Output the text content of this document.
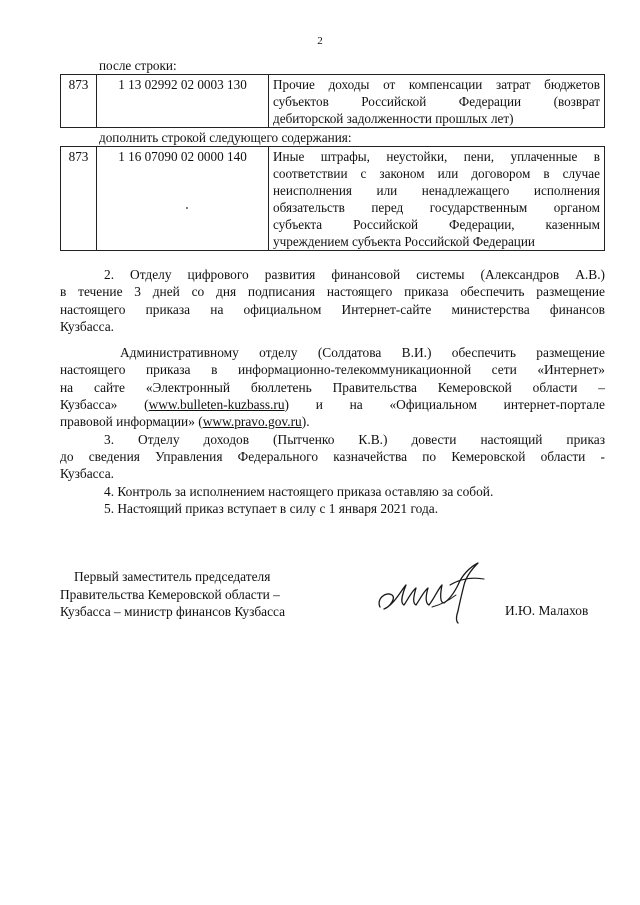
2
после строки:
873	1 13 02992 02 0003 130	Прочие доходы от компенсации затрат бюджетов
субъектов Российской Федерации (возврат
дебиторской задолженности прошлых лет)
дополнить строкой следующего содержания:
873	1 16 07090 02 0000 140	Иные штрафы, неустойки, пени, уплаченные в
соответствии с законом или договором в случае
неисполнения или ненадлежащего исполнения
обязательств перед государственным органом
субъекта Российской Федерации, казенным
учреждением субъекта Российской Федерации

2. Отделу цифрового развития финансовой системы (Александров А.В.)
в течение 3 дней со дня подписания настоящего приказа обеспечить размещение
настоящего приказа на официальном Интернет-сайте министерства финансов
Кузбасса.

Административному отделу (Солдатова В.И.) обеспечить размещение
настоящего приказа в информационно-телекоммуникационной сети «Интернет»
на сайте «Электронный бюллетень Правительства Кемеровской области –
Кузбасса» (www.bulleten-kuzbass.ru) и на «Официальном интернет-портале
правовой информации» (www.pravo.gov.ru).

3. Отделу доходов (Пытченко К.В.) довести настоящий приказ
до сведения Управления Федерального казначейства по Кемеровской области -
Кузбасса.

4. Контроль за исполнением настоящего приказа оставляю за собой.

5. Настоящий приказ вступает в силу с 1 января 2021 года.

Первый заместитель председателя
Правительства Кемеровской области –
Кузбасса – министр финансов Кузбасса	И.Ю. Малахов
